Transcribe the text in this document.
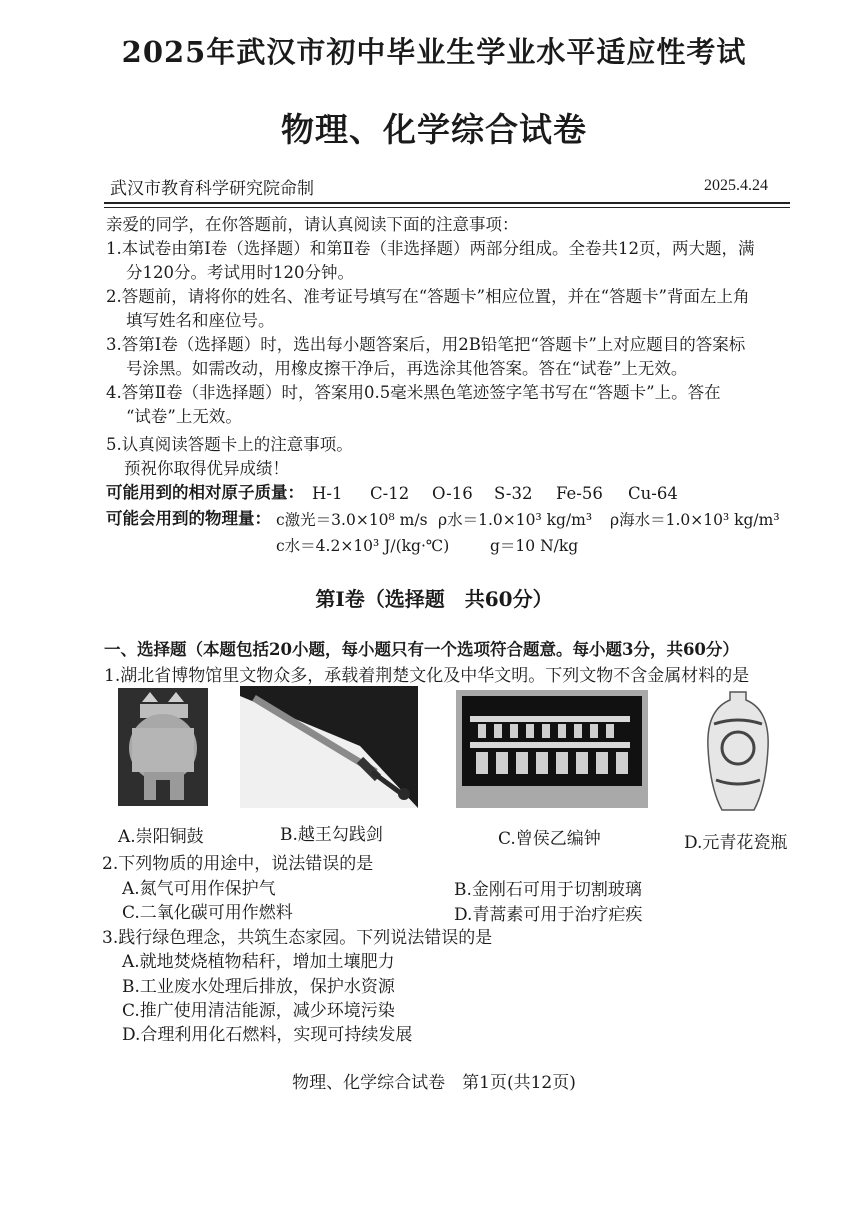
2025年武汉市初中毕业生学业水平适应性考试
物理、化学综合试卷
武汉市教育科学研究院命制	2025.4.24
亲爱的同学，在你答题前，请认真阅读下面的注意事项：
1.本试卷由第Ⅰ卷（选择题）和第Ⅱ卷（非选择题）两部分组成。全卷共12页，两大题，满
分120分。考试用时120分钟。
2.答题前，请将你的姓名、准考证号填写在“答题卡”相应位置，并在“答题卡”背面左上角
填写姓名和座位号。
3.答第Ⅰ卷（选择题）时，选出每小题答案后，用2B铅笔把“答题卡”上对应题目的答案标
号涂黑。如需改动，用橡皮擦干净后，再选涂其他答案。答在“试卷”上无效。
4.答第Ⅱ卷（非选择题）时，答案用0.5毫米黑色笔迹签字笔书写在“答题卡”上。答在
“试卷”上无效。
5.认真阅读答题卡上的注意事项。
预祝你取得优异成绩！
可能用到的相对原子质量： H-1 C-12 O-16 S-32 Fe-56 Cu-64
可能会用到的物理量： c激光＝3.0×10⁸ m/s ρ水＝1.0×10³ kg/m³ ρ海水＝1.0×10³ kg/m³
c水＝4.2×10³ J/(kg·℃)	g＝10 N/kg
第Ⅰ卷（选择题　共60分）
一、选择题（本题包括20小题，每小题只有一个选项符合题意。每小题3分，共60分）
1.湖北省博物馆里文物众多，承载着荆楚文化及中华文明。下列文物不含金属材料的是
A.崇阳铜鼓	B.越王勾践剑	C.曾侯乙编钟	D.元青花瓷瓶
2.下列物质的用途中，说法错误的是
A.氮气可用作保护气	B.金刚石可用于切割玻璃
C.二氧化碳可用作燃料	D.青蒿素可用于治疗疟疾
3.践行绿色理念，共筑生态家园。下列说法错误的是
A.就地焚烧植物秸秆，增加土壤肥力
B.工业废水处理后排放，保护水资源
C.推广使用清洁能源，减少环境污染
D.合理利用化石燃料，实现可持续发展
物理、化学综合试卷　第1页(共12页)
